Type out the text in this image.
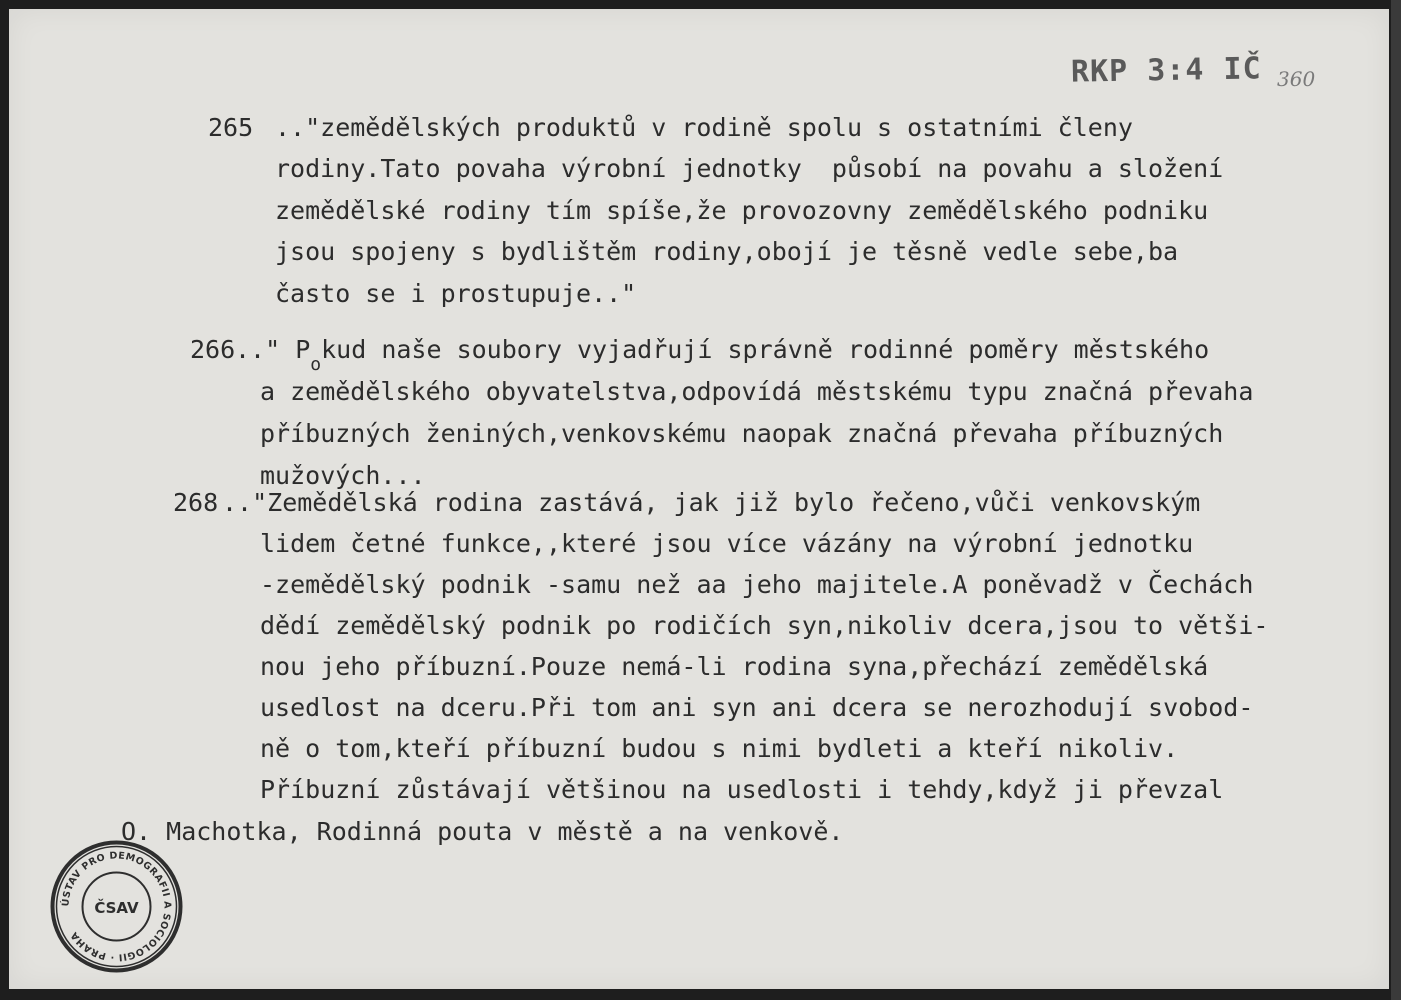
RKP 3:4 IČ 360

265

.."zemědělských produktů v rodině spolu s ostatními členy

rodiny.Tato povaha výrobní jednotky  působí na povahu a složení

zemědělské rodiny tím spíše,že provozovny zemědělského podniku

jsou spojeny s bydlištěm rodiny,obojí je těsně vedle sebe,ba

často se i prostupuje.."

266

.." $P_okud$ naše soubory vyjadřují správně rodinné poměry městského

a zemědělského obyvatelstva,odpovídá městskému typu značná převaha

příbuzných ženiných,venkovskému naopak značná převaha příbuzných

mužových...

268

.."Zemědělská rodina zastává, jak již bylo řečeno,vůči venkovským

lidem četné funkce,,které jsou více vázány na výrobní jednotku

-zemědělský podnik -samu než aa jeho majitele.A poněvadž v Čechách

dědí zemědělský podnik po rodičích syn,nikoliv dcera,jsou to větši-

nou jeho příbuzní.Pouze nemá-li rodina syna,přechází zemědělská

usedlost na dceru.Při tom ani syn ani dcera se nerozhodují svobod-

ně o tom,kteří příbuzní budou s nimi bydleti a kteří nikoliv.

Příbuzní zůstávají většinou na usedlosti i tehdy,když ji převzal

O. Machotka, Rodinná pouta v městě a na venkově.

ÚSTAV PRO DEMOGRAFII A SOCIOLOGII · PRAHA
ČSAV
